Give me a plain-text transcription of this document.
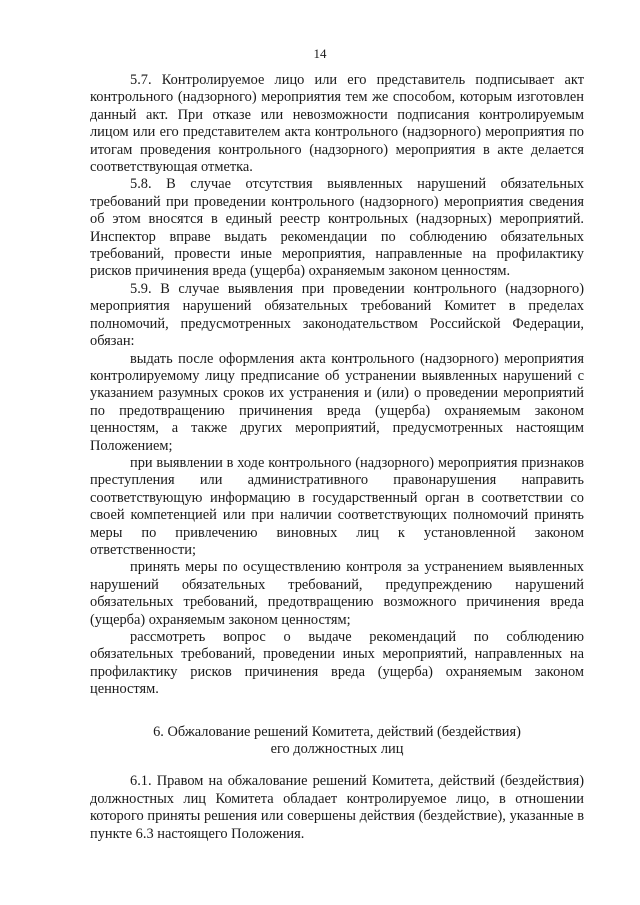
14

5.7. Контролируемое лицо или его представитель подписывает акт контрольного (надзорного) мероприятия тем же способом, которым изготовлен данный акт. При отказе или невозможности подписания контролируемым лицом или его представителем акта контрольного (надзорного) мероприятия по итогам проведения контрольного (надзорного) мероприятия в акте делается соответствующая отметка.

5.8. В случае отсутствия выявленных нарушений обязательных требований при проведении контрольного (надзорного) мероприятия сведения об этом вносятся в единый реестр контрольных (надзорных) мероприятий. Инспектор вправе выдать рекомендации по соблюдению обязательных требований, провести иные мероприятия, направленные на профилактику рисков причинения вреда (ущерба) охраняемым законом ценностям.

5.9. В случае выявления при проведении контрольного (надзорного) мероприятия нарушений обязательных требований Комитет в пределах полномочий, предусмотренных законодательством Российской Федерации, обязан:

выдать после оформления акта контрольного (надзорного) мероприятия контролируемому лицу предписание об устранении выявленных нарушений с указанием разумных сроков их устранения и (или) о проведении мероприятий по предотвращению причинения вреда (ущерба) охраняемым законом ценностям, а также других мероприятий, предусмотренных настоящим Положением;

при выявлении в ходе контрольного (надзорного) мероприятия признаков преступления или административного правонарушения направить соответствующую информацию в государственный орган в соответствии со своей компетенцией или при наличии соответствующих полномочий принять меры по привлечению виновных лиц к установленной законом ответственности;

принять меры по осуществлению контроля за устранением выявленных нарушений обязательных требований, предупреждению нарушений обязательных требований, предотвращению возможного причинения вреда (ущерба) охраняемым законом ценностям;

рассмотреть вопрос о выдаче рекомендаций по соблюдению обязательных требований, проведении иных мероприятий, направленных на профилактику рисков причинения вреда (ущерба) охраняемым законом ценностям.

6. Обжалование решений Комитета, действий (бездействия)
его должностных лиц

6.1. Правом на обжалование решений Комитета, действий (бездействия) должностных лиц Комитета обладает контролируемое лицо, в отношении которого приняты решения или совершены действия (бездействие), указанные в пункте 6.3 настоящего Положения.
